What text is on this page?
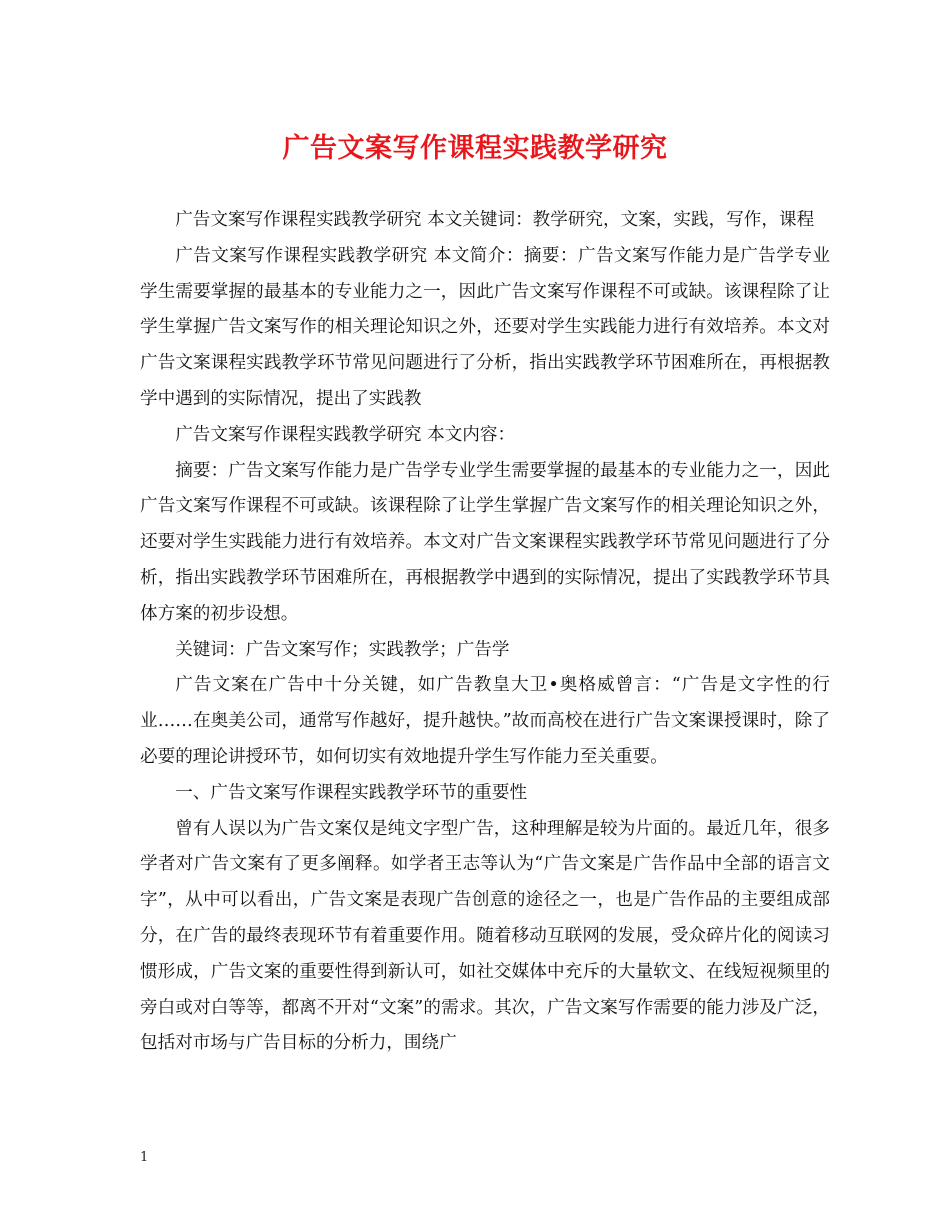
广告文案写作课程实践教学研究

广告文案写作课程实践教学研究 本文关键词：教学研究，文案，实践，写作，课程

广告文案写作课程实践教学研究 本文简介：摘要：广告文案写作能力是广告学专业学生需要掌握的最基本的专业能力之一，因此广告文案写作课程不可或缺。该课程除了让学生掌握广告文案写作的相关理论知识之外，还要对学生实践能力进行有效培养。本文对广告文案课程实践教学环节常见问题进行了分析，指出实践教学环节困难所在，再根据教学中遇到的实际情况，提出了实践教

广告文案写作课程实践教学研究 本文内容：

摘要：广告文案写作能力是广告学专业学生需要掌握的最基本的专业能力之一，因此广告文案写作课程不可或缺。该课程除了让学生掌握广告文案写作的相关理论知识之外，还要对学生实践能力进行有效培养。本文对广告文案课程实践教学环节常见问题进行了分析，指出实践教学环节困难所在，再根据教学中遇到的实际情况，提出了实践教学环节具体方案的初步设想。

关键词：广告文案写作；实践教学；广告学

广告文案在广告中十分关键，如广告教皇大卫•奥格威曾言：“广告是文字性的行业……在奥美公司，通常写作越好，提升越快。”故而高校在进行广告文案课授课时，除了必要的理论讲授环节，如何切实有效地提升学生写作能力至关重要。

一、广告文案写作课程实践教学环节的重要性

曾有人误以为广告文案仅是纯文字型广告，这种理解是较为片面的。最近几年，很多学者对广告文案有了更多阐释。如学者王志等认为“广告文案是广告作品中全部的语言文字”，从中可以看出，广告文案是表现广告创意的途径之一，也是广告作品的主要组成部分，在广告的最终表现环节有着重要作用。随着移动互联网的发展，受众碎片化的阅读习惯形成，广告文案的重要性得到新认可，如社交媒体中充斥的大量软文、在线短视频里的旁白或对白等等，都离不开对“文案”的需求。其次，广告文案写作需要的能力涉及广泛，包括对市场与广告目标的分析力，围绕广

1
